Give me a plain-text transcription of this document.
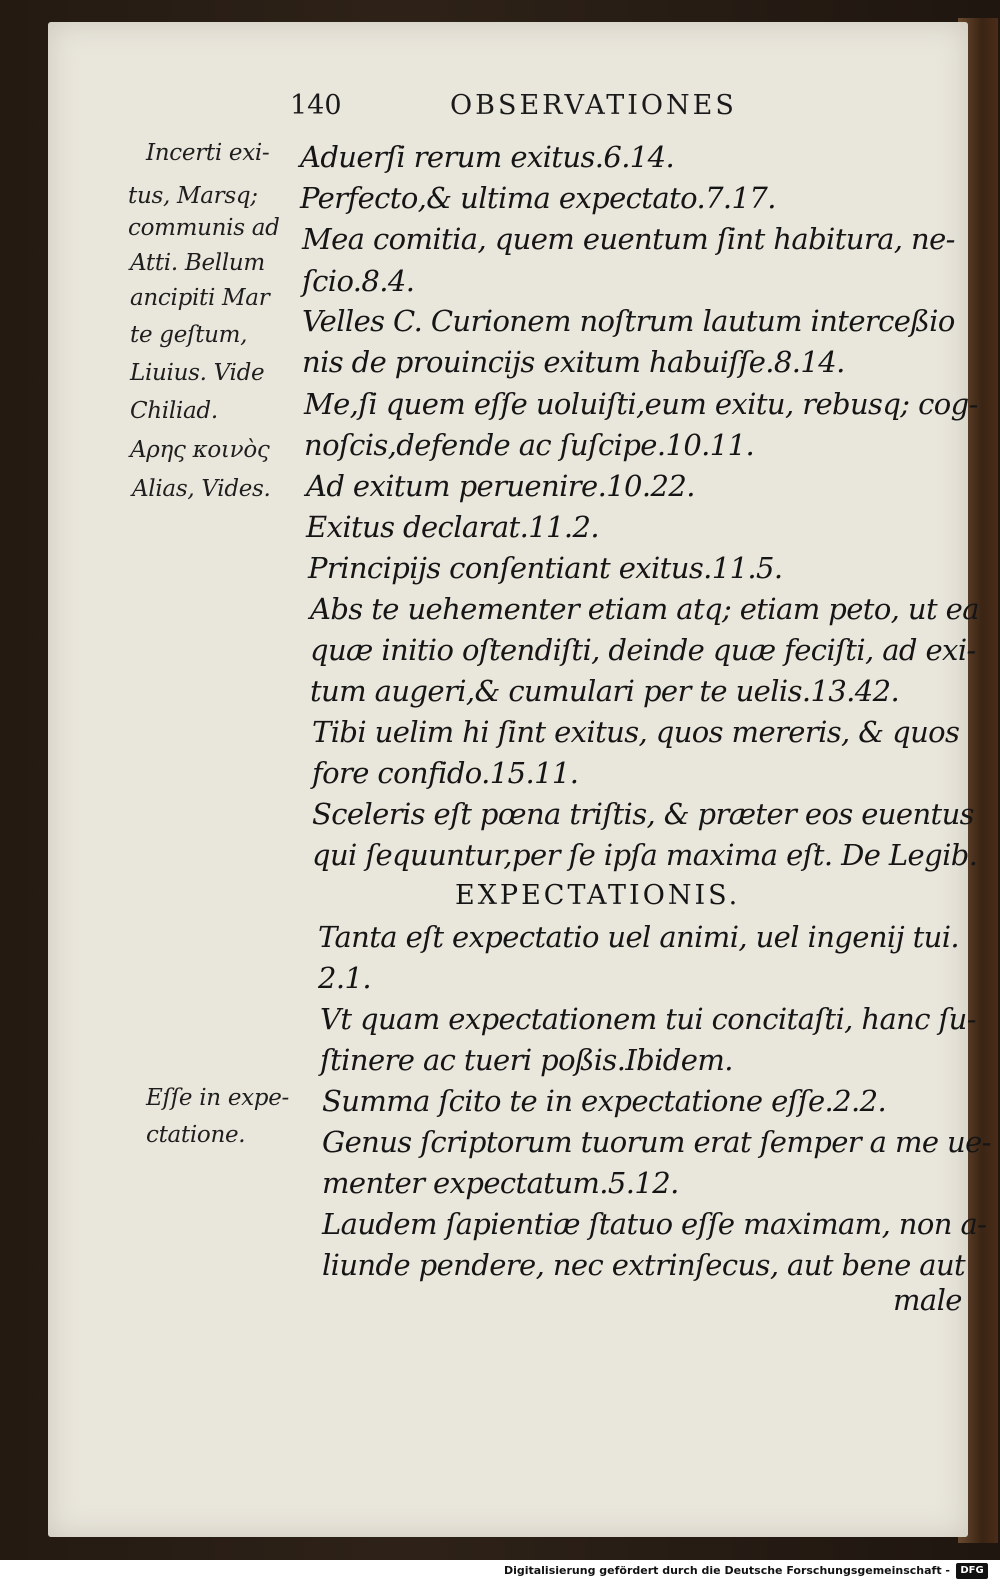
140	OBSERVATIONES
Aduerſi rerum exitus.6.14.
Perfecto,& ultima expectato.7.17.
Mea comitia, quem euentum ſint habitura, ne-
ſcio.8.4.
Velles C. Curionem noſtrum lautum interceßio
nis de prouincijs exitum habuiſſe.8.14.
Me,ſi quem eſſe uoluiſti,eum exitu, rebusq; cog-
noſcis,defende ac ſuſcipe.10.11.
Ad exitum peruenire.10.22.
Exitus declarat.11.2.
Principijs conſentiant exitus.11.5.
Abs te uehementer etiam atq; etiam peto, ut ea
quæ initio oſtendiſti, deinde quæ feciſti, ad exi-
tum augeri,& cumulari per te uelis.13.42.
Tibi uelim hi ſint exitus, quos mereris, & quos
fore confido.15.11.
Sceleris eſt pœna triſtis, & præter eos euentus
qui ſequuntur,per ſe ipſa maxima eſt. De Legib.
EXPECTATIONIS.
Tanta eſt expectatio uel animi, uel ingenij tui.
2.1.
Vt quam expectationem tui concitaſti, hanc ſu-
ſtinere ac tueri poßis.Ibidem.
Summa ſcito te in expectatione eſſe.2.2.
Genus ſcriptorum tuorum erat ſemper a me ue-
menter expectatum.5.12.
Laudem ſapientiæ ſtatuo eſſe maximam, non a-
liunde pendere, nec extrinſecus, aut bene aut
male
Incerti exi-
tus, Marsq;
communis ad
Atti. Bellum
ancipiti Mar
te geſtum,
Liuius. Vide
Chiliad.
Αρης κοινὸς
Alias, Vides.
Eſſe in expe-
ctatione.
Digitalisierung gefördert durch die Deutsche Forschungsgemeinschaft -	DFG
